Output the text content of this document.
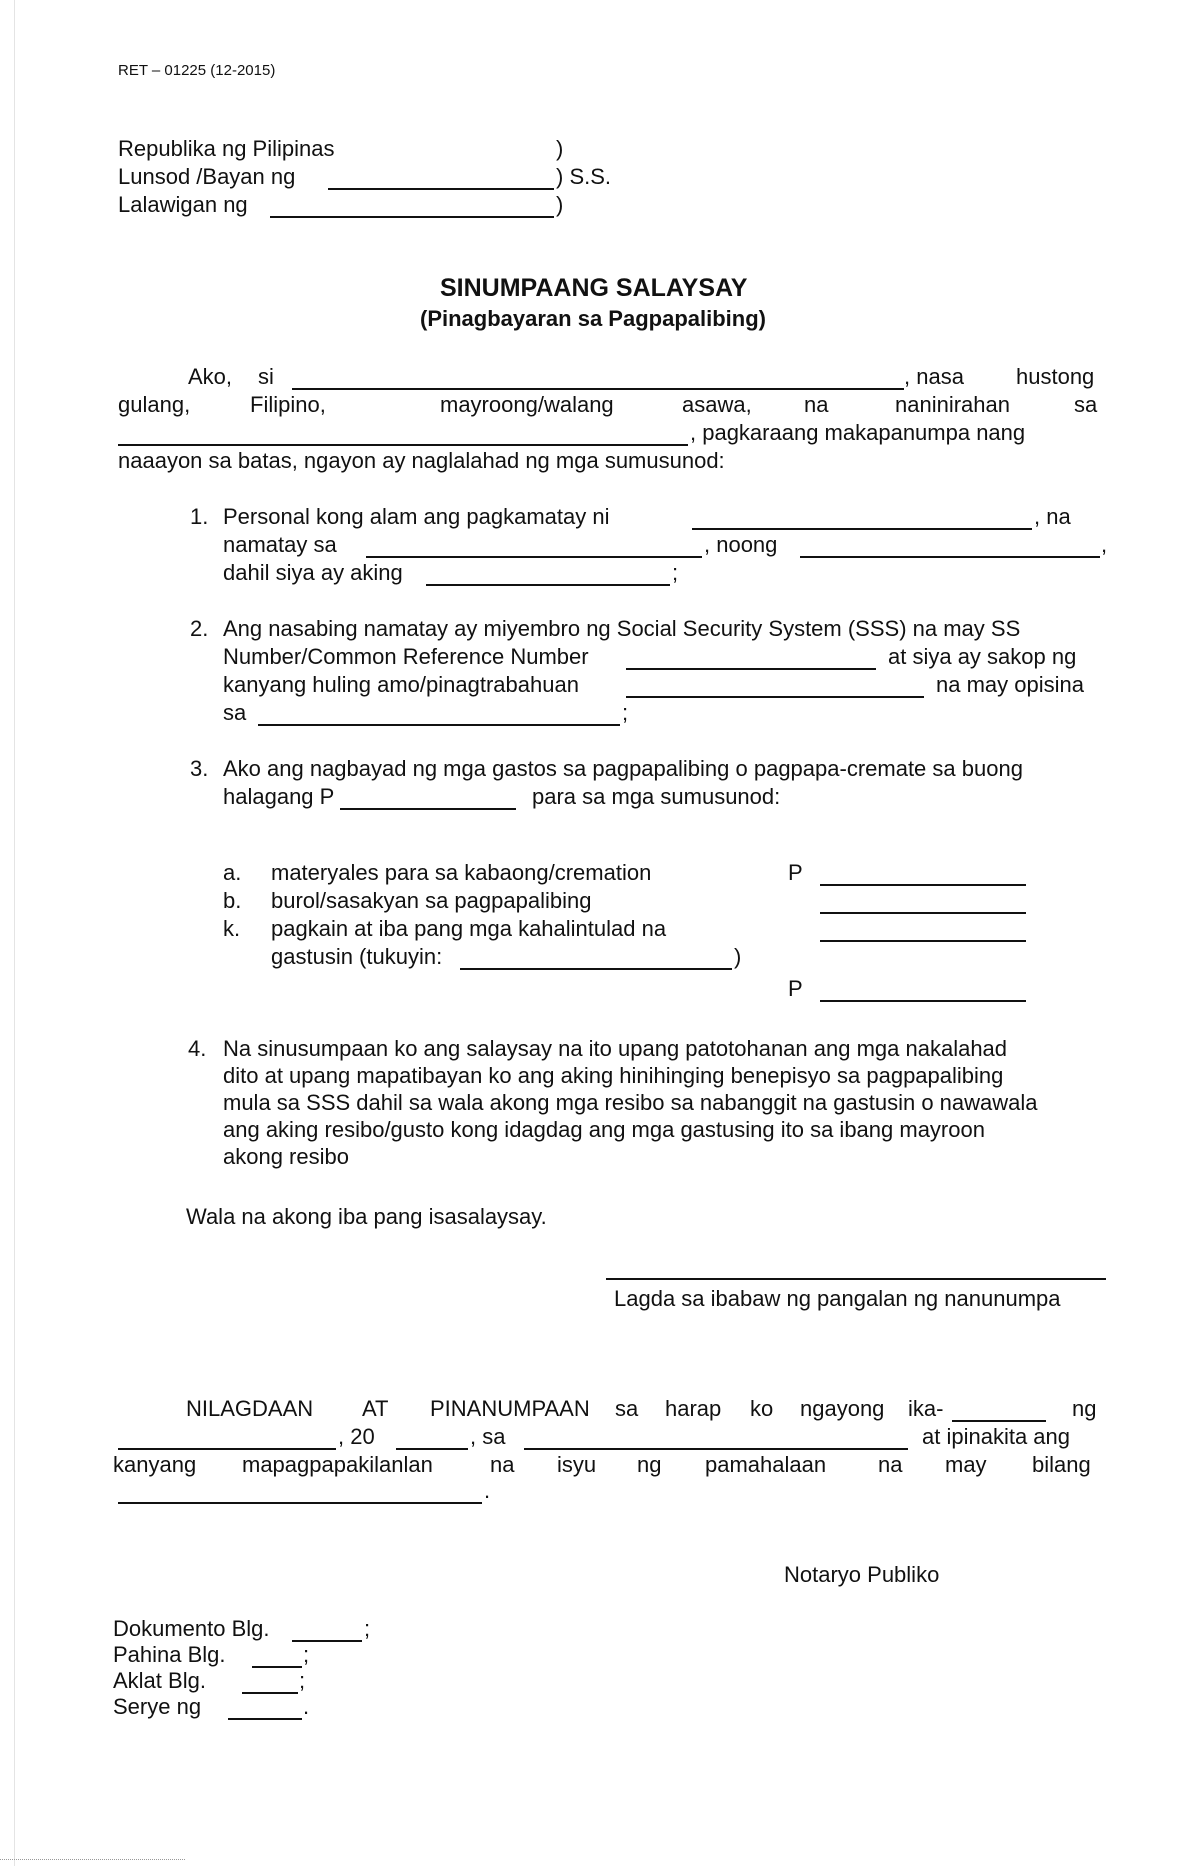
RET – 01225 (12-2015)
Republika ng Pilipinas	)
Lunsod /Bayan ng	) S.S.
Lalawigan ng	)
SINUMPAANG SALAYSAY
(Pinagbayaran sa Pagpapalibing)
Ako, si	, nasa hustong
gulang,	Filipino,	mayroong/walang	asawa, na	naninirahan	sa
, pagkaraang makapanumpa nang
naaayon sa batas, ngayon ay naglalahad ng mga sumusunod:
1. Personal kong alam ang pagkamatay ni	, na
namatay sa	, noong	,
dahil siya ay aking	;
2. Ang nasabing namatay ay miyembro ng Social Security System (SSS) na may SS
Number/Common Reference Number	at siya ay sakop ng
kanyang huling amo/pinagtrabahuan	na may opisina
sa	;
3. Ako ang nagbayad ng mga gastos sa pagpapalibing o pagpapa-cremate sa buong
halagang P	para sa mga sumusunod:
a. materyales para sa kabaong/cremation	P
b. burol/sasakyan sa pagpapalibing
k. pagkain at iba pang mga kahalintulad na
gastusin (tukuyin:	)
P
4. Na sinusumpaan ko ang salaysay na ito upang patotohanan ang mga nakalahad
dito at upang mapatibayan ko ang aking hinihinging benepisyo sa pagpapalibing
mula sa SSS dahil sa wala akong mga resibo sa nabanggit na gastusin o nawawala
ang aking resibo/gusto kong idagdag ang mga gastusing ito sa ibang mayroon
akong resibo
Wala na akong iba pang isasalaysay.
Lagda sa ibabaw ng pangalan ng nanunumpa
NILAGDAAN AT PINANUMPAAN sa harap ko ngayong ika-	ng
, 20	, sa	at ipinakita ang
kanyang mapagpapakilanlan	na isyu ng pamahalaan na may bilang
.
Notaryo Publiko
Dokumento Blg.	;
Pahina Blg.	;
Aklat Blg.	;
Serye ng	.
